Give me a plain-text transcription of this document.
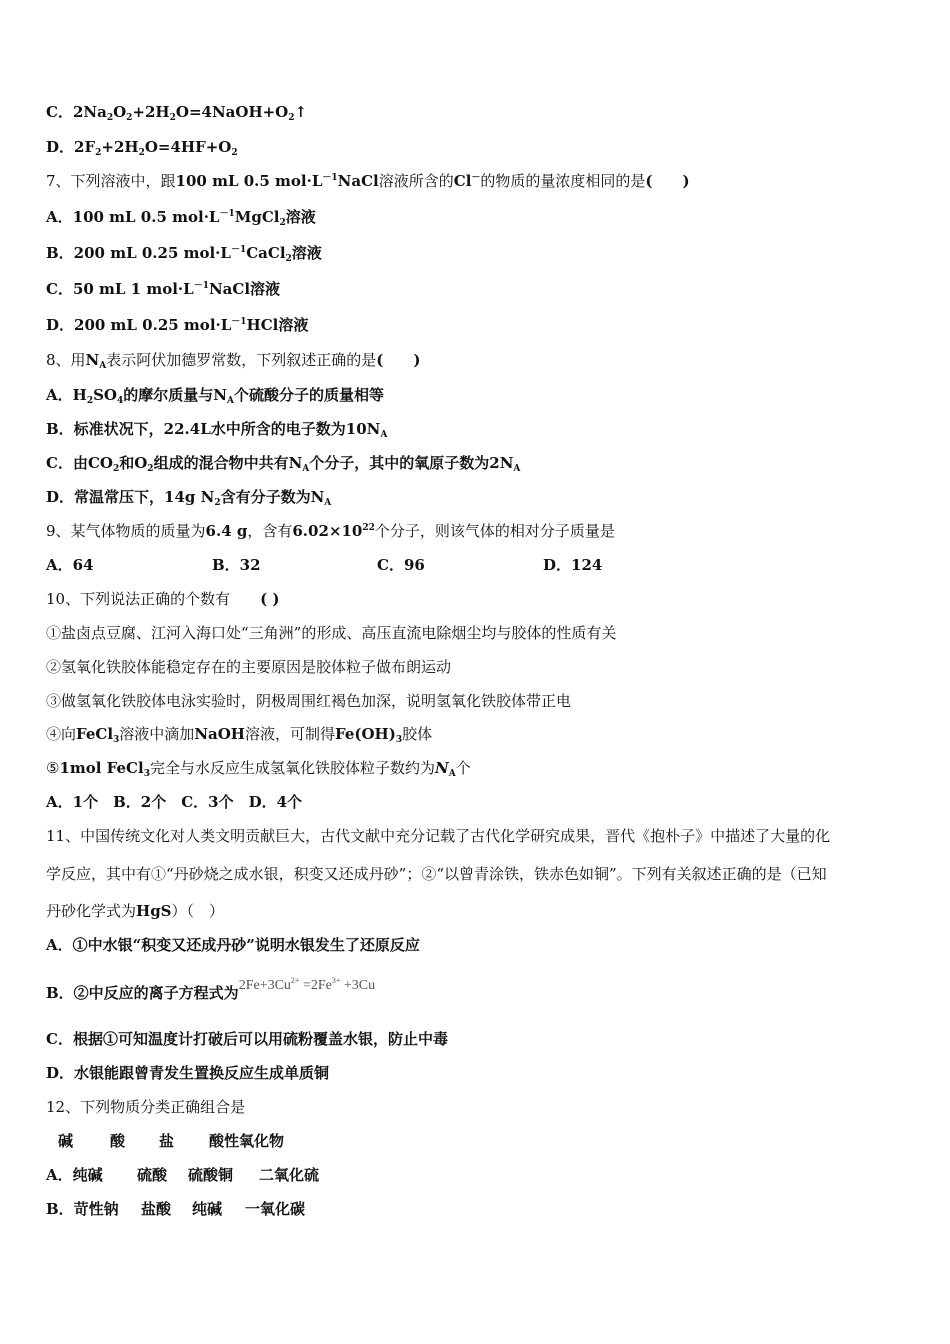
C．$2Na_2O_2+2H_2O=4NaOH+O_2↑$
D．$2F_2+2H_2O=4HF+O_2$
7、下列溶液中，跟100 mL 0.5 $mol\cdot L^{-1}NaCl$溶液所含的Cl－的物质的量浓度相同的是(　　)
A．100 mL 0.5 $mol\cdot L^{-1}MgCl_2$溶液
B．200 mL 0.25 $mol\cdot L^{-1}CaCl_2$溶液
C．50 mL 1 $mol\cdot L^{-1}NaCl$溶液
D．200 mL 0.25 $mol\cdot L^{-1}HCl$溶液
8、用$N_A$表示阿伏加德罗常数，下列叙述正确的是(　　)
A．$H_2SO_4$的摩尔质量与$N_A$个硫酸分子的质量相等
B．标准状况下，22.4L水中所含的电子数为$10N_A$
C．由$CO_2$和$O_2$组成的混合物中共有$N_A$个分子，其中的氧原子数为$2N_A$
D．常温常压下，14g $N_2$含有分子数为$N_A$
9、某气体物质的质量为6.4 g，含有$6.02\times 10^{22}$个分子，则该气体的相对分子质量是
A．64	B．32	C．96	D．124
10、下列说法正确的个数有　　( )
①盐卤点豆腐、江河入海口处“三角洲”的形成、高压直流电除烟尘均与胶体的性质有关
②氢氧化铁胶体能稳定存在的主要原因是胶体粒子做布朗运动
③做氢氧化铁胶体电泳实验时，阴极周围红褐色加深，说明氢氧化铁胶体带正电
④向FeCl$_3$溶液中滴加NaOH溶液，可制得$Fe(OH)_3$胶体
⑤1mol FeCl$_3$完全与水反应生成氢氧化铁胶体粒子数约为$N_A$个
A．1个　B．2个　C．3个　D．4个
11、中国传统文化对人类文明贡献巨大，古代文献中充分记载了古代化学研究成果，晋代《抱朴子》中描述了大量的化
学反应，其中有①“丹砂烧之成水银，积变又还成丹砂”；②“以曾青涂铁，铁赤色如铜”。下列有关叙述正确的是（已知
丹砂化学式为HgS）（　）
A．①中水银“积变又还成丹砂”说明水银发生了还原反应
B．②中反应的离子方程式为$2Fe+3Cu^{2+} =2Fe^{3+} +3Cu$
C．根据①可知温度计打破后可以用硫粉覆盖水银，防止中毒
D．水银能跟曾青发生置换反应生成单质铜
12、下列物质分类正确组合是
碱 酸 盐 酸性氧化物
A．纯碱 硫酸 硫酸铜 二氧化硫
B．苛性钠 盐酸 纯碱 一氧化碳
